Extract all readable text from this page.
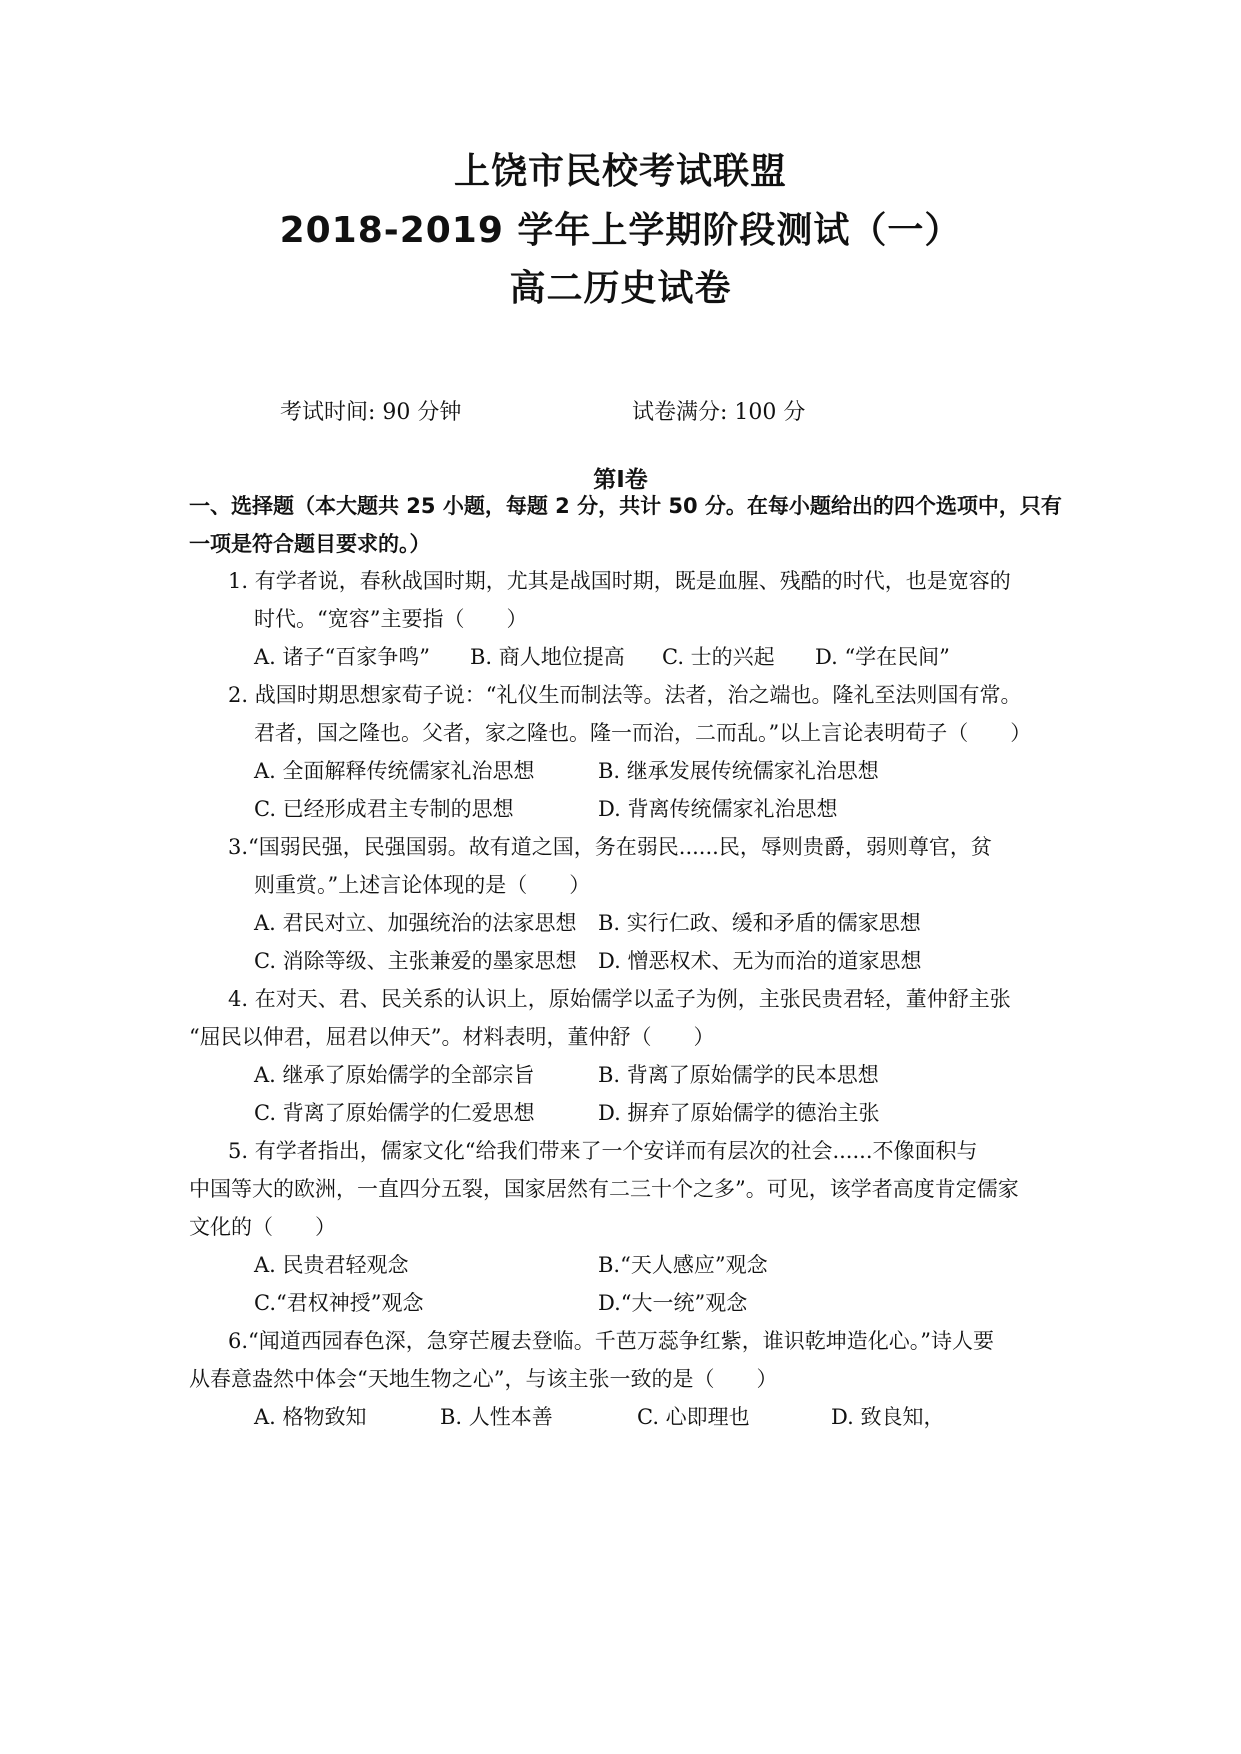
上饶市民校考试联盟
2018-2019 学年上学期阶段测试（一）
高二历史试卷
考试时间: 90 分钟	试卷满分: 100 分
第Ⅰ卷
一、选择题（本大题共 25 小题，每题 2 分，共计 50 分。在每小题给出的四个选项中，只有
一项是符合题目要求的。）
1. 有学者说，春秋战国时期，尤其是战国时期，既是血腥、残酷的时代，也是宽容的
时代。“宽容”主要指（　　）
A. 诸子“百家争鸣” B. 商人地位提高 C. 士的兴起 D. “学在民间”
2. 战国时期思想家荀子说：“礼仪生而制法等。法者，治之端也。隆礼至法则国有常。
君者，国之隆也。父者，家之隆也。隆一而治，二而乱。”以上言论表明荀子（　　）
A. 全面解释传统儒家礼治思想	B. 继承发展传统儒家礼治思想
C. 已经形成君主专制的思想	D. 背离传统儒家礼治思想
3.“国弱民强，民强国弱。故有道之国，务在弱民......民，辱则贵爵，弱则尊官，贫
则重赏。”上述言论体现的是（　　）
A. 君民对立、加强统治的法家思想 B. 实行仁政、缓和矛盾的儒家思想
C. 消除等级、主张兼爱的墨家思想 D. 憎恶权术、无为而治的道家思想
4. 在对天、君、民关系的认识上，原始儒学以孟子为例，主张民贵君轻，董仲舒主张
“屈民以伸君，屈君以伸天”。材料表明，董仲舒（　　）
A. 继承了原始儒学的全部宗旨	B. 背离了原始儒学的民本思想
C. 背离了原始儒学的仁爱思想	D. 摒弃了原始儒学的德治主张
5. 有学者指出，儒家文化“给我们带来了一个安详而有层次的社会......不像面积与
中国等大的欧洲，一直四分五裂，国家居然有二三十个之多”。可见，该学者高度肯定儒家
文化的（　　）
A. 民贵君轻观念	B.“天人感应”观念
C.“君权神授”观念	D.“大一统”观念
6.“闻道西园春色深，急穿芒履去登临。千芭万蕊争红紫，谁识乾坤造化心。”诗人要
从春意盎然中体会“天地生物之心”，与该主张一致的是（　　）
A. 格物致知	B. 人性本善	C. 心即理也	D. 致良知，
